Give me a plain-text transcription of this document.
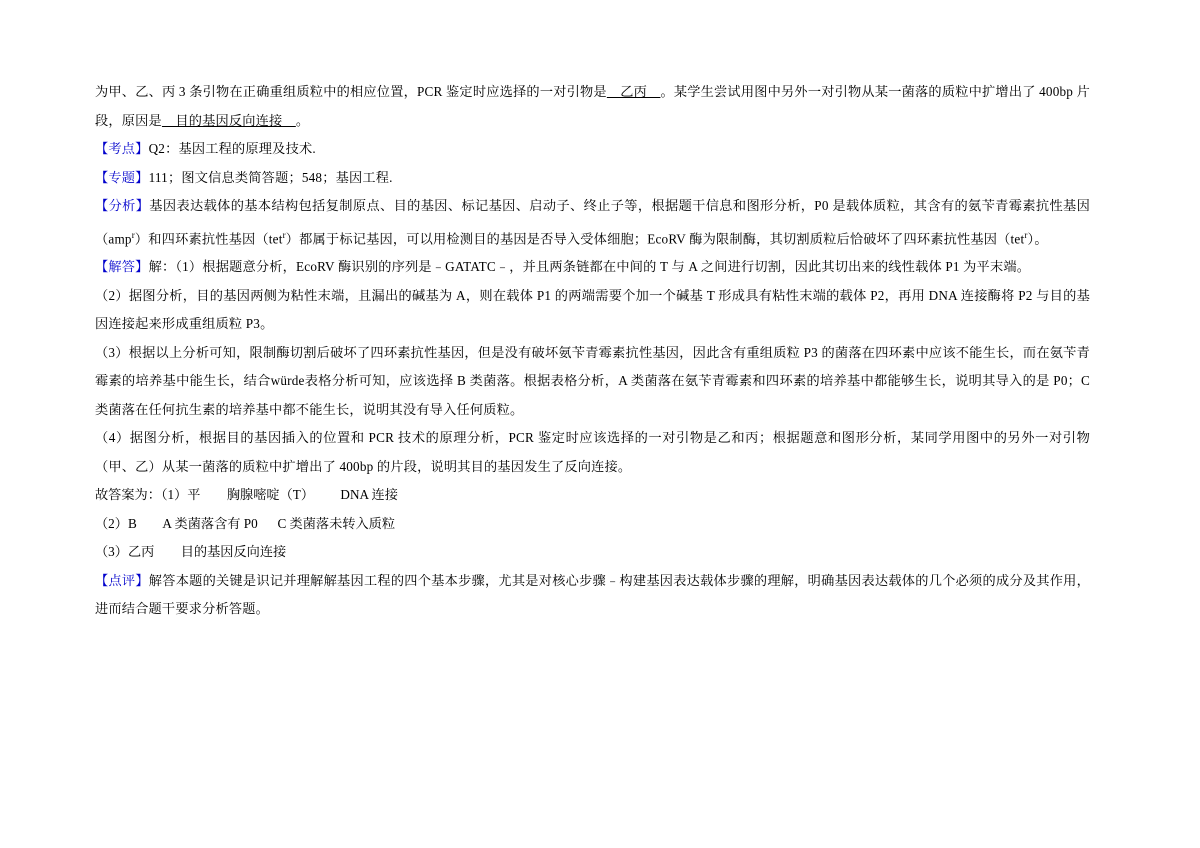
为甲、乙、丙 3 条引物在正确重组质粒中的相应位置，PCR 鉴定时应选择的一对引物是　乙丙　。某学生尝试用图中另外一对引物从某一菌落的质粒中扩增出了 400bp 片段，原因是　目的基因反向连接　。

【考点】Q2：基因工程的原理及技术.

【专题】111；图文信息类简答题；548；基因工程.

【分析】基因表达载体的基本结构包括复制原点、目的基因、标记基因、启动子、终止子等，根据题干信息和图形分析，P0 是载体质粒，其含有的氨苄青霉素抗性基因（amp$^r$）和四环素抗性基因（tet$^r$）都属于标记基因，可以用检测目的基因是否导入受体细胞；EcoRV 酶为限制酶，其切割质粒后恰破坏了四环素抗性基因（tet$^r$）。

【解答】解：（1）根据题意分析，EcoRV 酶识别的序列是﹣GATATC﹣，并且两条链都在中间的 T 与 A 之间进行切割，因此其切出来的线性载体 P1 为平末端。

（2）据图分析，目的基因两侧为粘性末端，且漏出的碱基为 A，则在载体 P1 的两端需要个加一个碱基 T 形成具有粘性末端的载体 P2，再用 DNA 连接酶将 P2 与目的基因连接起来形成重组质粒 P3。

（3）根据以上分析可知，限制酶切割后破坏了四环素抗性基因，但是没有破坏氨苄青霉素抗性基因，因此含有重组质粒 P3 的菌落在四环素中应该不能生长，而在氨苄青霉素的培养基中能生长，结合würde表格分析可知，应该选择 B 类菌落。根据表格分析，A 类菌落在氨苄青霉素和四环素的培养基中都能够生长，说明其导入的是 P0；C 类菌落在任何抗生素的培养基中都不能生长，说明其没有导入任何质粒。

（4）据图分析，根据目的基因插入的位置和 PCR 技术的原理分析，PCR 鉴定时应该选择的一对引物是乙和丙；根据题意和图形分析，某同学用图中的另外一对引物（甲、乙）从某一菌落的质粒中扩增出了 400bp 的片段，说明其目的基因发生了反向连接。

故答案为：（1）平        胸腺嘧啶（T）        DNA 连接
（2）B        A 类菌落含有 P0      C 类菌落未转入质粒
（3）乙丙        目的基因反向连接

【点评】解答本题的关键是识记并理解解基因工程的四个基本步骤，尤其是对核心步骤﹣构建基因表达载体步骤的理解，明确基因表达载体的几个必须的成分及其作用，进而结合题干要求分析答题。
